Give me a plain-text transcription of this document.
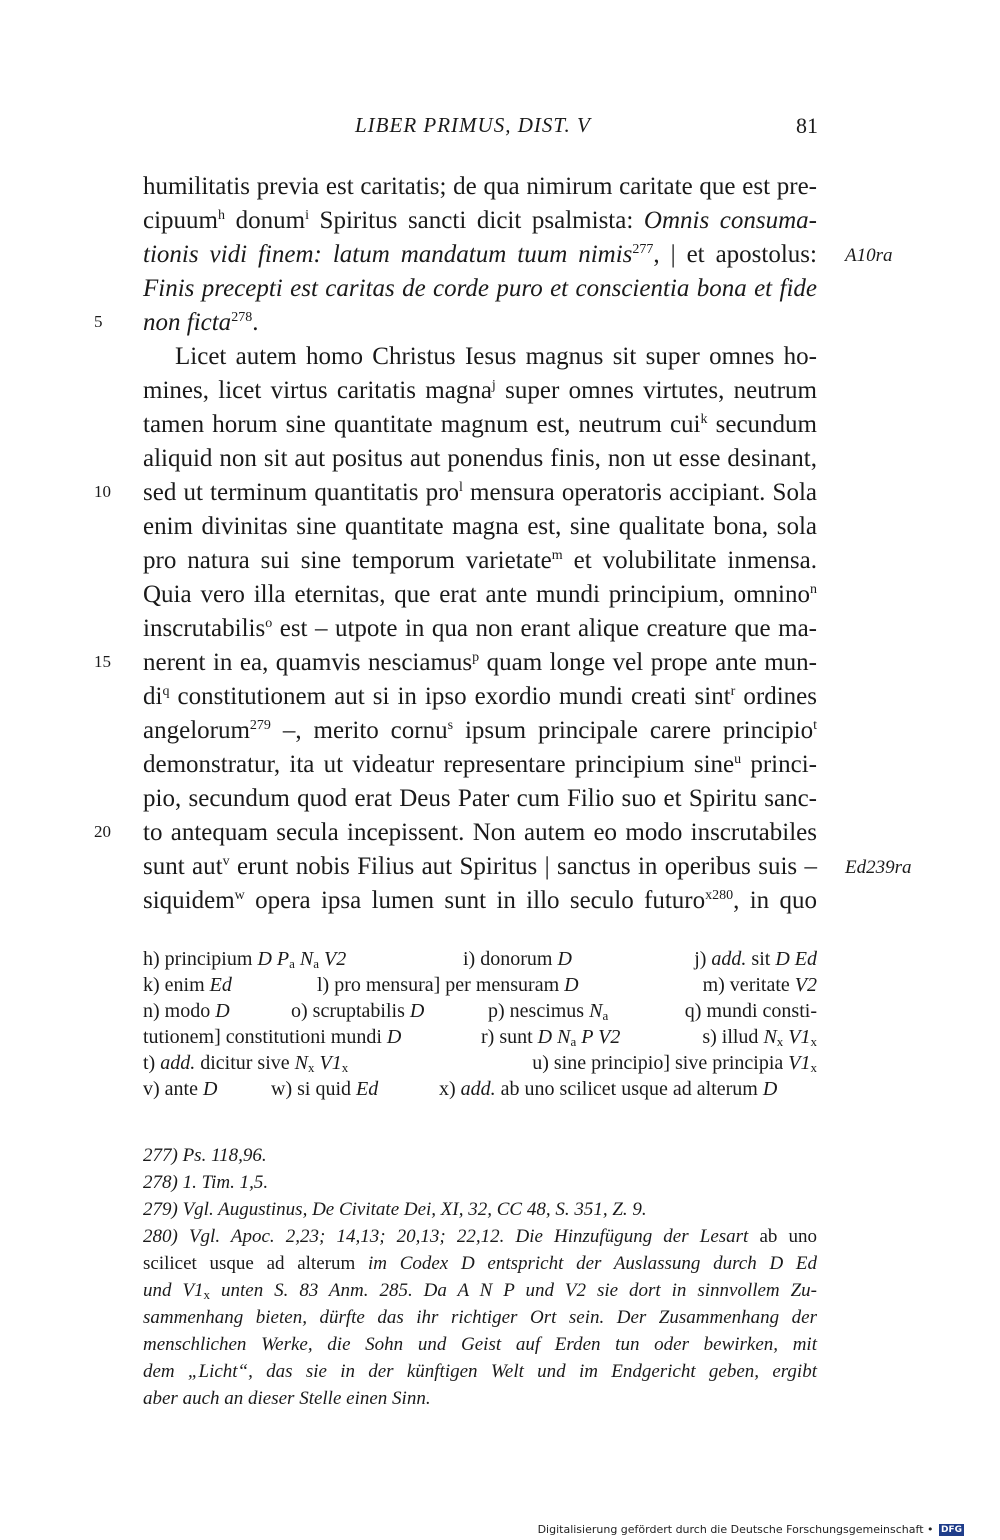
LIBER PRIMUS, DIST. V	81
humilitatis previa est caritatis; de qua nimirum caritate que est pre-
cipuum$^h$ donum$^i$ Spiritus sancti dicit psalmista: Omnis consuma-
tionis vidi finem: latum mandatum tuum nimis$^{277}$, | et apostolus:
Finis precepti est caritas de corde puro et conscientia bona et fide
non ficta$^{278}$.
Licet autem homo Christus Iesus magnus sit super omnes ho-
mines, licet virtus caritatis magna$^j$ super omnes virtutes, neutrum
tamen horum sine quantitate magnum est, neutrum cui$^k$ secundum
aliquid non sit aut positus aut ponendus finis, non ut esse desinant,
sed ut terminum quantitatis pro$^l$ mensura operatoris accipiant. Sola
enim divinitas sine quantitate magna est, sine qualitate bona, sola
pro natura sui sine temporum varietate$^m$ et volubilitate inmensa.
Quia vero illa eternitas, que erat ante mundi principium, omnino$^n$
inscrutabilis$^o$ est – utpote in qua non erant alique creature que ma-
nerent in ea, quamvis nesciamus$^p$ quam longe vel prope ante mun-
$di^q$ constitutionem aut si in ipso exordio mundi creati sint$^r$ ordines
angelorum$^{279}$ –, merito cornu$^s$ ipsum principale carere principio$^t$
demonstratur, ita ut videatur representare principium sine$^u$ princi-
pio, secundum quod erat Deus Pater cum Filio suo et Spiritu sanc-
to antequam secula incepissent. Non autem eo modo inscrutabiles
sunt aut$^v$ erunt nobis Filius aut Spiritus | sanctus in operibus suis –
siquidem$^w$ opera ipsa lumen sunt in illo seculo futuro$^{x280}$, in quo
5
10
15
20
A10ra
Ed239ra
h) principium D $P_a$ $N_a$ V2	i) donorum D	j) add. sit D Ed
k) enim Ed	l) pro mensura] per mensuram D	m) veritate V2
n) modo D	o) scruptabilis D	p) nescimus $N_a$	q) mundi consti-
tutionem] constitutioni mundi D	r) sunt D $N_a$ P V2	s) illud $N_x$ $V1_x$
t) add. dicitur sive $N_x$ $V1_x$	u) sine principio] sive principia $V1_x$
v) ante D	w) si quid Ed	x) add. ab uno scilicet usque ad alterum D
277) Ps. 118,96.
278) 1. Tim. 1,5.
279) Vgl. Augustinus, De Civitate Dei, XI, 32, CC 48, S. 351, Z. 9.
280) Vgl. Apoc. 2,23; 14,13; 20,13; 22,12. Die Hinzufügung der Lesart ab uno
scilicet usque ad alterum im Codex D entspricht der Auslassung durch D Ed
und $V1_x$ unten S. 83 Anm. 285. Da A N P und V2 sie dort in sinnvollem Zu-
sammenhang bieten, dürfte das ihr richtiger Ort sein. Der Zusammenhang der
menschlichen Werke, die Sohn und Geist auf Erden tun oder bewirken, mit
dem „Licht“, das sie in der künftigen Welt und im Endgericht geben, ergibt
aber auch an dieser Stelle einen Sinn.
Digitalisierung gefördert durch die Deutsche Forschungsgemeinschaft • DFG
